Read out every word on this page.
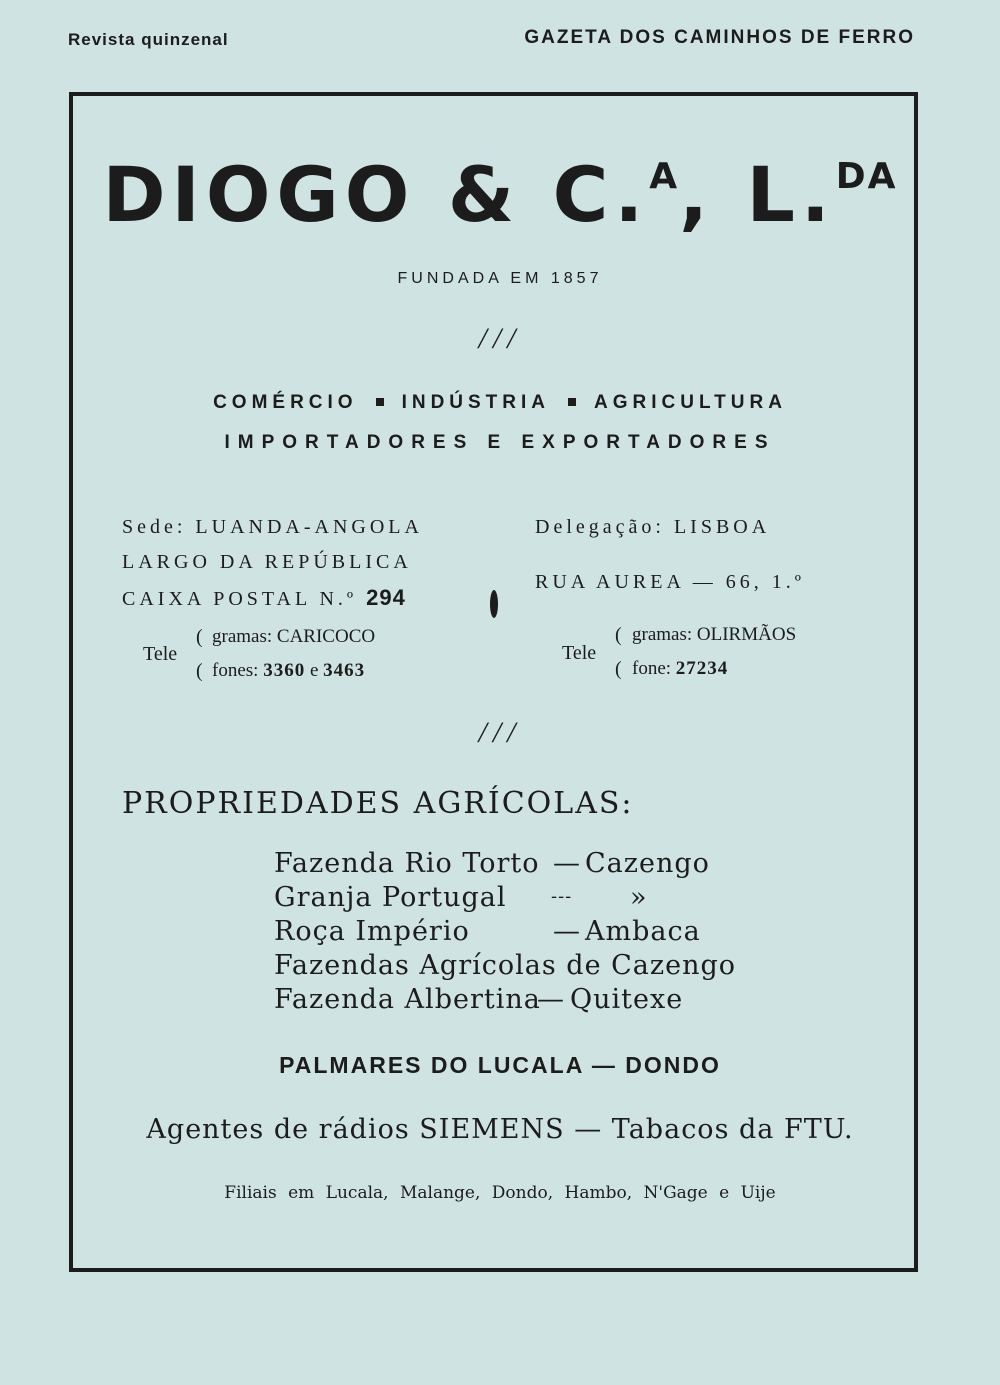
Revista quinzenal	GAZETA DOS CAMINHOS DE FERRO
DIOGO & C.$^A$, L.$^{DA}$
FUNDADA EM 1857
///
COMÉRCIO INDÚSTRIA AGRICULTURA
IMPORTADORES E EXPORTADORES
Sede: LUANDA-ANGOLA
LARGO DA REPÚBLICA
CAIXA POSTAL N.º 294
Tele
(
(
gramas: CARICOCO
fones: 3360 e 3463
Delegação: LISBOA
RUA AUREA — 66, 1.º
Tele
(
(
gramas: OLIRMÃOS
fone: 27234
///
PROPRIEDADES AGRÍCOLAS:
Fazenda Rio Torto — Cazengo
Granja Portugal --- »
Roça Império	— Ambaca
Fazendas Agrícolas de Cazengo
Fazenda Albertina
— Quitexe
PALMARES DO LUCALA — DONDO
Agentes de rádios SIEMENS — Tabacos da FTU.
Filiais em Lucala, Malange, Dondo, Hambo, N'Gage e Uije
